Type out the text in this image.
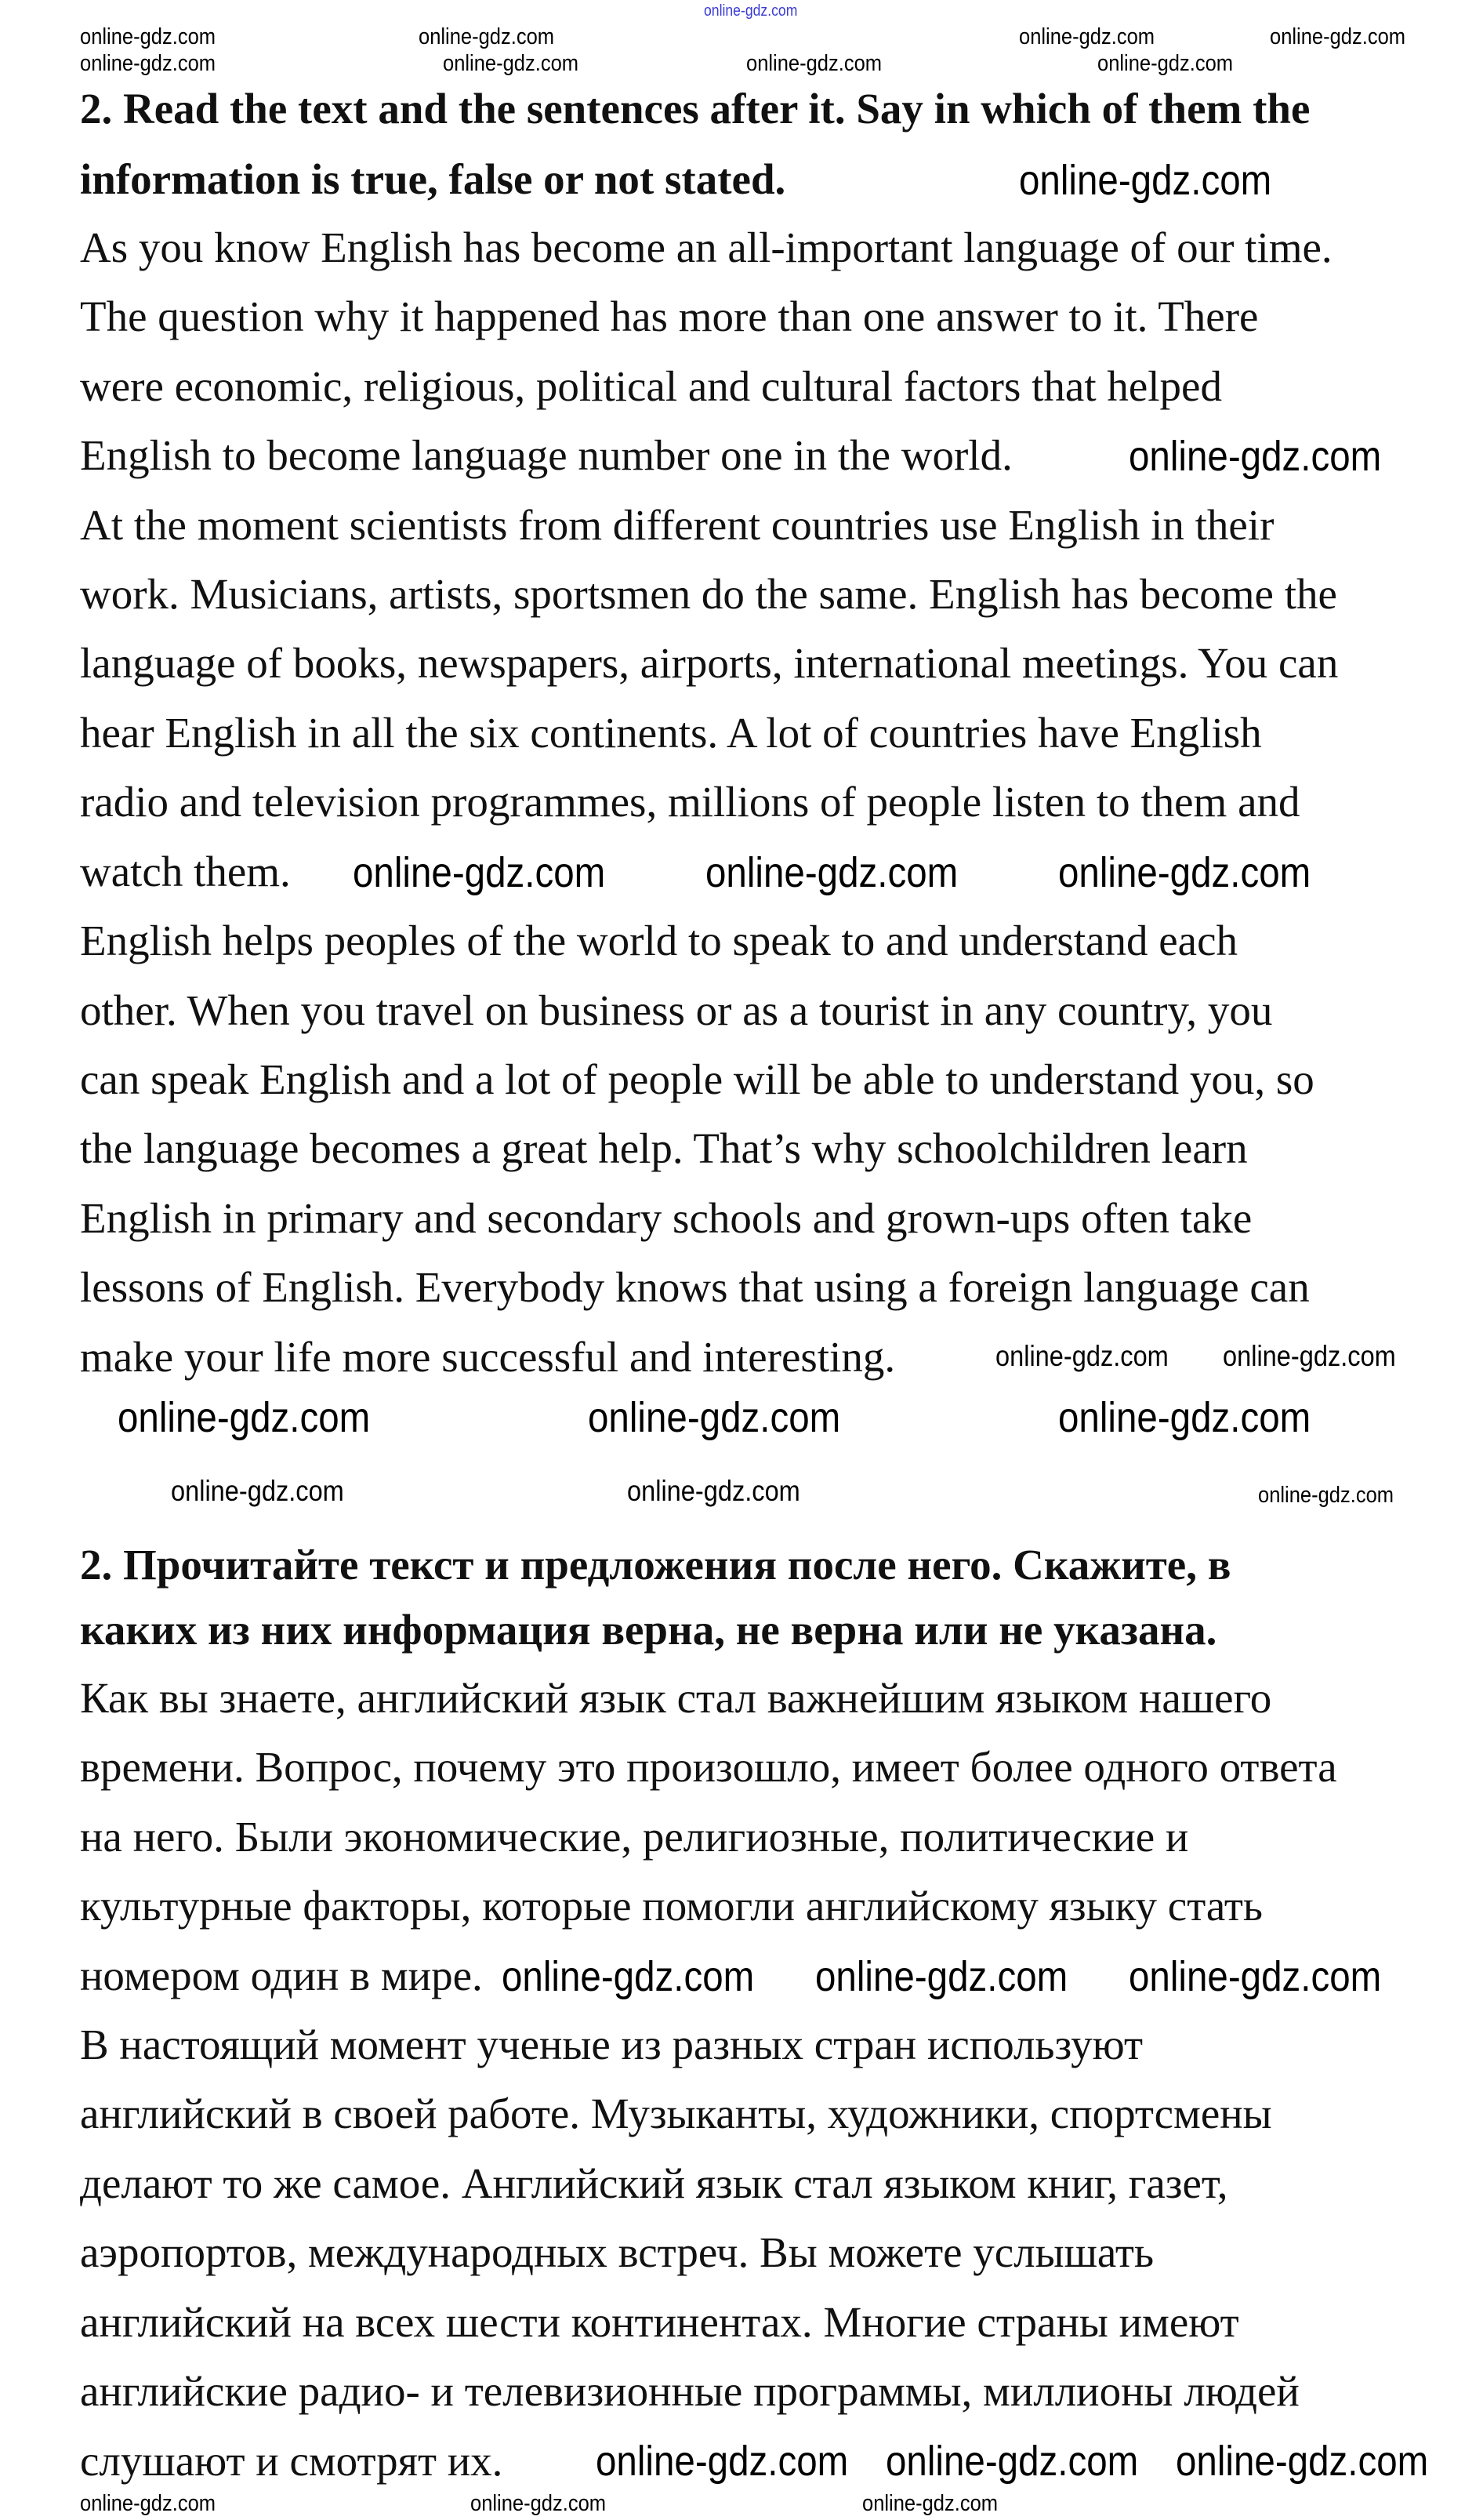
2. Read the text and the sentences after it. Say in which of them the
information is true, false or not stated.
As you know English has become an all-important language of our time.
The question why it happened has more than one answer to it. There
were economic, religious, political and cultural factors that helped
English to become language number one in the world.
At the moment scientists from different countries use English in their
work. Musicians, artists, sportsmen do the same. English has become the
language of books, newspapers, airports, international meetings. You can
hear English in all the six continents. A lot of countries have English
radio and television programmes, millions of people listen to them and
watch them.
English helps peoples of the world to speak to and understand each
other. When you travel on business or as a tourist in any country, you
can speak English and a lot of people will be able to understand you, so
the language becomes a great help. That’s why schoolchildren learn
English in primary and secondary schools and grown-ups often take
lessons of English. Everybody knows that using a foreign language can
make your life more successful and interesting.
2. Прочитайте текст и предложения после него. Скажите, в
каких из них информация верна, не верна или не указана.
Как вы знаете, английский язык стал важнейшим языком нашего
времени. Вопрос, почему это произошло, имеет более одного ответа
на него. Были экономические, религиозные, политические и
культурные факторы, которые помогли английскому языку стать
номером один в мире.
В настоящий момент ученые из разных стран используют
английский в своей работе. Музыканты, художники, спортсмены
делают то же самое. Английский язык стал языком книг, газет,
аэропортов, международных встреч. Вы можете услышать
английский на всех шести континентах. Многие страны имеют
английские радио- и телевизионные программы, миллионы людей
слушают и смотрят их.
online-gdz.com
online-gdz.com	online-gdz.com	online-gdz.com	online-gdz.com
online-gdz.com	online-gdz.com	online-gdz.com	online-gdz.com
online-gdz.com
online-gdz.com
online-gdz.com online-gdz.com online-gdz.com
online-gdz.com online-gdz.com
online-gdz.com	online-gdz.com	online-gdz.com
online-gdz.com	online-gdz.com	online-gdz.com
online-gdz.com online-gdz.com online-gdz.com
online-gdz.com online-gdz.com online-gdz.com
online-gdz.com	online-gdz.com	online-gdz.com
